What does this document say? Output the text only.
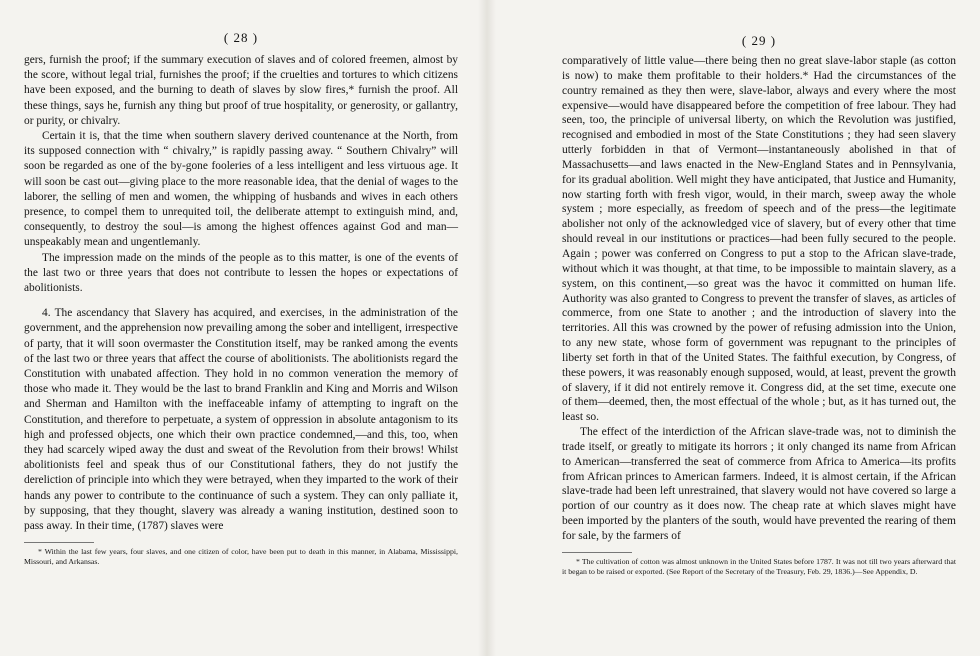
( 28 )

gers, furnish the proof; if the summary execution of slaves and of colored freemen, almost by the score, without legal trial, furnishes the proof; if the cruelties and tortures to which citizens have been exposed, and the burning to death of slaves by slow fires,* furnish the proof. All these things, says he, furnish any thing but proof of true hospitality, or generosity, or gallantry, or purity, or chivalry.

Certain it is, that the time when southern slavery derived countenance at the North, from its supposed connection with “ chivalry,” is rapidly passing away. “ Southern Chivalry” will soon be regarded as one of the by-gone fooleries of a less intelligent and less virtuous age. It will soon be cast out—giving place to the more reasonable idea, that the denial of wages to the laborer, the selling of men and women, the whipping of husbands and wives in each others presence, to compel them to unrequited toil, the deliberate attempt to extinguish mind, and, consequently, to destroy the soul—is among the highest offences against God and man—unspeakably mean and ungentlemanly.

The impression made on the minds of the people as to this matter, is one of the events of the last two or three years that does not contribute to lessen the hopes or expectations of abolitionists.

4. The ascendancy that Slavery has acquired, and exercises, in the administration of the government, and the apprehension now prevailing among the sober and intelligent, irrespective of party, that it will soon overmaster the Constitution itself, may be ranked among the events of the last two or three years that affect the course of abolitionists. The abolitionists regard the Constitution with unabated affection. They hold in no common veneration the memory of those who made it. They would be the last to brand Franklin and King and Morris and Wilson and Sherman and Hamilton with the ineffaceable infamy of attempting to ingraft on the Constitution, and therefore to perpetuate, a system of oppression in absolute antagonism to its high and professed objects, one which their own practice condemned,—and this, too, when they had scarcely wiped away the dust and sweat of the Revolution from their brows! Whilst abolitionists feel and speak thus of our Constitutional fathers, they do not justify the dereliction of principle into which they were betrayed, when they imparted to the work of their hands any power to contribute to the continuance of such a system. They can only palliate it, by supposing, that they thought, slavery was already a waning institution, destined soon to pass away. In their time, (1787) slaves were

* Within the last few years, four slaves, and one citizen of color, have been put to death in this manner, in Alabama, Mississippi, Missouri, and Arkansas.

( 29 )

comparatively of little value—there being then no great slave-labor staple (as cotton is now) to make them profitable to their holders.* Had the circumstances of the country remained as they then were, slave-labor, always and every where the most expensive—would have disappeared before the competition of free labour. They had seen, too, the principle of universal liberty, on which the Revolution was justified, recognised and embodied in most of the State Constitutions ; they had seen slavery utterly forbidden in that of Vermont—instantaneously abolished in that of Massachusetts—and laws enacted in the New-England States and in Pennsylvania, for its gradual abolition. Well might they have anticipated, that Justice and Humanity, now starting forth with fresh vigor, would, in their march, sweep away the whole system ; more especially, as freedom of speech and of the press—the legitimate abolisher not only of the acknowledged vice of slavery, but of every other that time should reveal in our institutions or practices—had been fully secured to the people. Again ; power was conferred on Congress to put a stop to the African slave-trade, without which it was thought, at that time, to be impossible to maintain slavery, as a system, on this continent,—so great was the havoc it committed on human life. Authority was also granted to Congress to prevent the transfer of slaves, as articles of commerce, from one State to another ; and the introduction of slavery into the territories. All this was crowned by the power of refusing admission into the Union, to any new state, whose form of government was repugnant to the principles of liberty set forth in that of the United States. The faithful execution, by Congress, of these powers, it was reasonably enough supposed, would, at least, prevent the growth of slavery, if it did not entirely remove it. Congress did, at the set time, execute one of them—deemed, then, the most effectual of the whole ; but, as it has turned out, the least so.

The effect of the interdiction of the African slave-trade was, not to diminish the trade itself, or greatly to mitigate its horrors ; it only changed its name from African to American—transferred the seat of commerce from Africa to America—its profits from African princes to American farmers. Indeed, it is almost certain, if the African slave-trade had been left unrestrained, that slavery would not have covered so large a portion of our country as it does now. The cheap rate at which slaves might have been imported by the planters of the south, would have prevented the rearing of them for sale, by the farmers of

* The cultivation of cotton was almost unknown in the United States before 1787. It was not till two years afterward that it began to be raised or exported. (See Report of the Secretary of the Treasury, Feb. 29, 1836.)—See Appendix, D.
